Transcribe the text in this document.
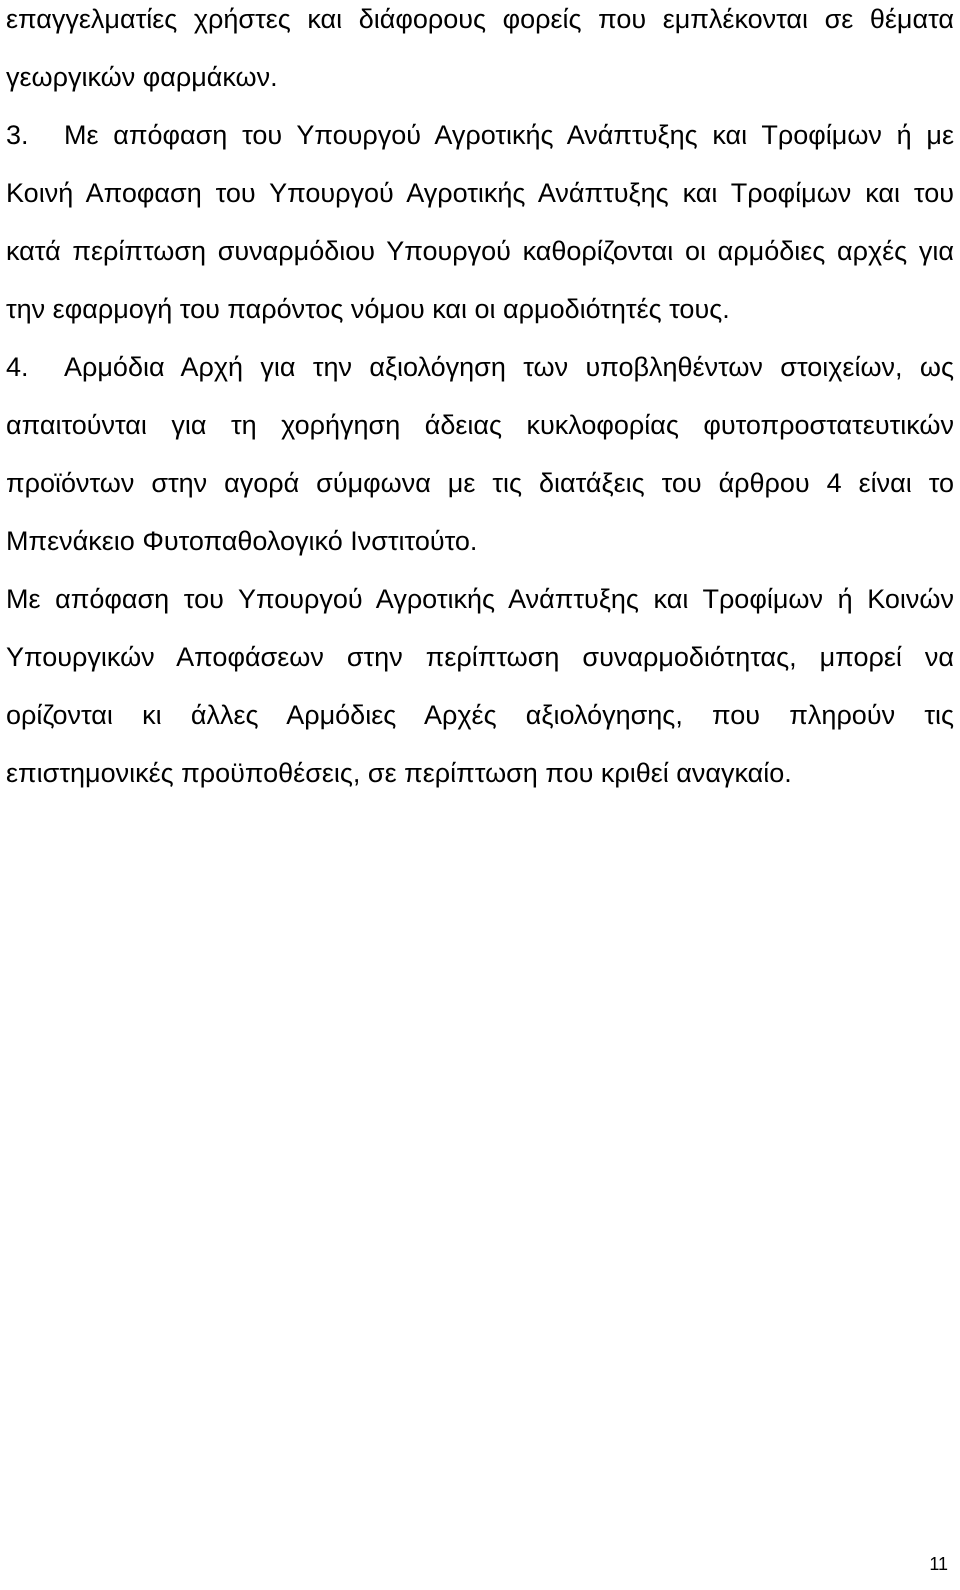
επαγγελματίες χρήστες και διάφορους φορείς που εμπλέκονται σε θέματα γεωργικών φαρμάκων.

3. Με απόφαση του Υπουργού Αγροτικής Ανάπτυξης και Τροφίμων ή με Κοινή Αποφαση του Υπουργού Αγροτικής Ανάπτυξης και Τροφίμων και του κατά περίπτωση συναρμόδιου Υπουργού καθορίζονται οι αρμόδιες αρχές για την εφαρμογή του παρόντος νόμου και οι αρμοδιότητές τους.

4. Αρμόδια Αρχή για την αξιολόγηση των υποβληθέντων στοιχείων, ως απαιτούνται για τη χορήγηση άδειας κυκλοφορίας φυτοπροστατευτικών προϊόντων στην αγορά σύμφωνα με τις διατάξεις του άρθρου 4 είναι το Μπενάκειο Φυτοπαθολογικό Ινστιτούτο.

Με απόφαση του Υπουργού Αγροτικής Ανάπτυξης και Τροφίμων ή Κοινών Υπουργικών Αποφάσεων στην περίπτωση συναρμοδιότητας, μπορεί να ορίζονται κι άλλες Αρμόδιες Αρχές αξιολόγησης, που πληρούν τις επιστημονικές προϋποθέσεις, σε περίπτωση που κριθεί αναγκαίο.

11
